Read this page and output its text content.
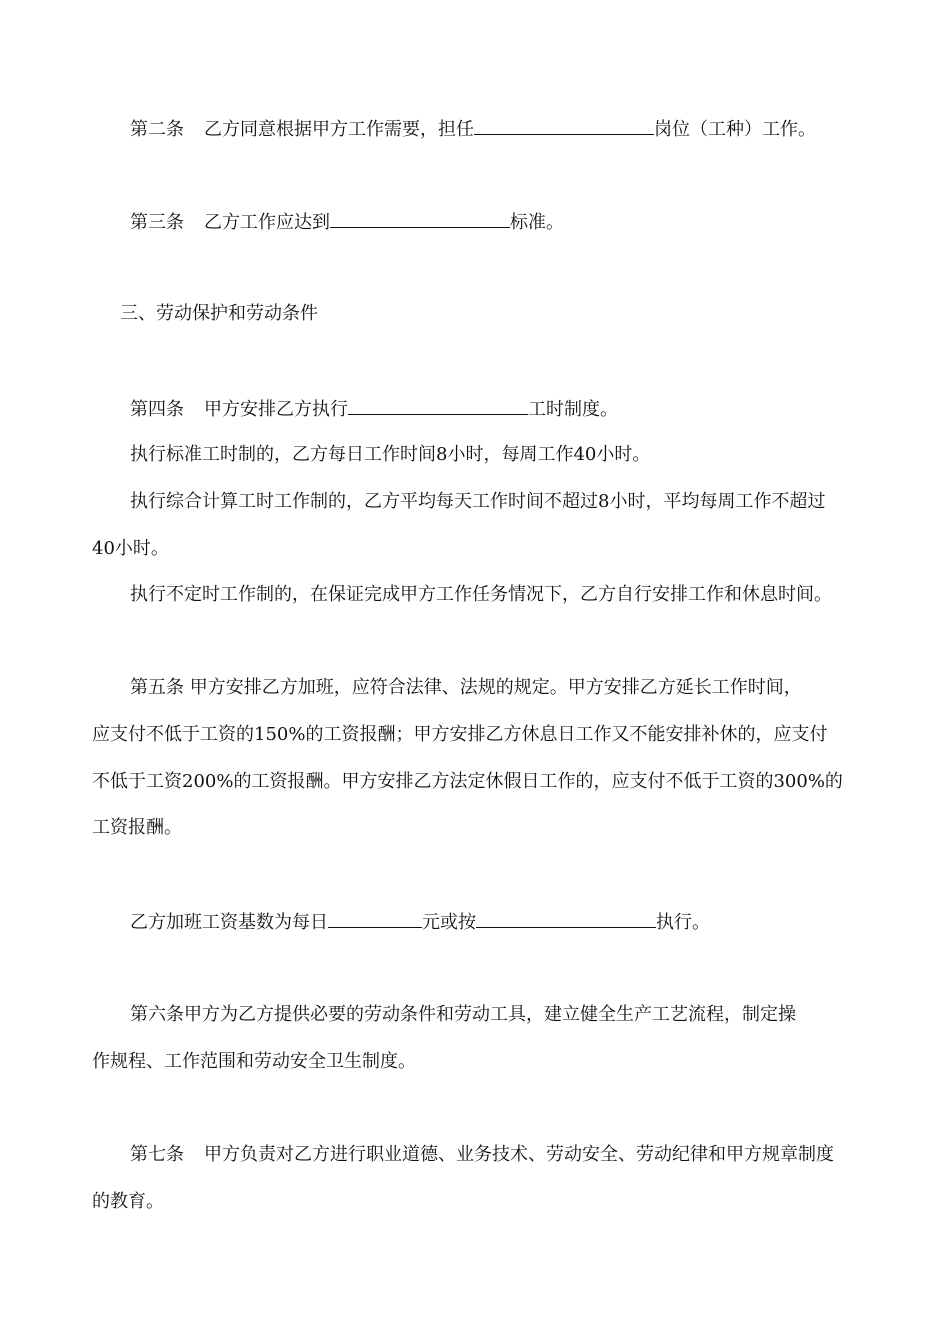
第二条 乙方同意根据甲方工作需要，担任	岗位（工种）工作。
第三条 乙方工作应达到	标准。
三、劳动保护和劳动条件
第四条 甲方安排乙方执行	工时制度。
执行标准工时制的，乙方每日工作时间8小时，每周工作40小时。
执行综合计算工时工作制的，乙方平均每天工作时间不超过8小时，平均每周工作不超过
40小时。
执行不定时工作制的，在保证完成甲方工作任务情况下，乙方自行安排工作和休息时间。
第五条 甲方安排乙方加班，应符合法律、法规的规定。甲方安排乙方延长工作时间，
应支付不低于工资的150%的工资报酬；甲方安排乙方休息日工作又不能安排补休的，应支付
不低于工资200%的工资报酬。甲方安排乙方法定休假日工作的，应支付不低于工资的300%的
工资报酬。
乙方加班工资基数为每日	元或按	执行。
第六条甲方为乙方提供必要的劳动条件和劳动工具，建立健全生产工艺流程，制定操
作规程、工作范围和劳动安全卫生制度。
第七条 甲方负责对乙方进行职业道德、业务技术、劳动安全、劳动纪律和甲方规章制度
的教育。
